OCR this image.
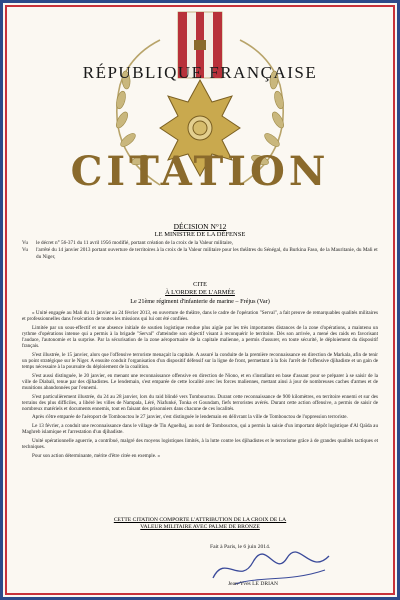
RÉPUBLIQUE FRANÇAISE
CITATION
DÉCISION N°12
LE MINISTRE DE LA DÉFENSE
Vu	le décret n° 56-371 du 11 avril 1956 modifié, portant création de la croix de la Valeur militaire,
Vu	l'arrêté du 14 janvier 2013 portant ouverture de territoires à la croix de la Valeur militaire pour les théâtres du Sénégal, du Burkina Faso, de la Mauritanie, du Mali et du Niger,
CITE
À L'ORDRE DE L'ARMÉE
Le 21ème régiment d'infanterie de marine – Fréjus (Var)

« Unité engagée au Mali du 11 janvier au 24 février 2013, en ouverture de théâtre, dans le cadre de l'opération "Serval", a fait preuve de remarquables qualités militaires et professionnelles dans l'exécution de toutes les missions qui lui ont été confiées.

Limitée par un sous-effectif et une absence initiale de soutien logistique rendue plus aigüe par les très importantes distances de la zone d'opérations, a maintenu un rythme d'opérations intense qui a permis à la brigade "Serval" d'atteindre son objectif visant à reconquérir le territoire. Dès son arrivée, a mené des raids en favorisant l'audace, l'autonomie et la surprise. Par la sécurisation de la zone aéroportuaire de la capitale malienne, a permis d'assurer, en toute sécurité, le déploiement du dispositif français.

S'est illustrée, le 15 janvier, alors que l'offensive terroriste menaçait la capitale. A assuré la conduite de la première reconnaissance en direction de Markala, afin de tenir un point stratégique sur le Niger. A ensuite conduit l'organisation d'un dispositif défensif sur la ligne de front, permettant à la fois l'arrêt de l'offensive djihadiste et un gain de temps nécessaire à la poursuite du déploiement de la coalition.

S'est aussi distinguée, le 20 janvier, en menant une reconnaissance offensive en direction de Niono, et en s'installant en base d'assaut pour se préparer à se saisir de la ville de Diabali, tenue par des djihadistes. Le lendemain, s'est emparée de cette localité avec les forces maliennes, mettant ainsi à jour de nombreuses caches d'armes et de munitions abandonnées par l'ennemi.

S'est particulièrement illustrée, du 24 au 28 janvier, lors du raid blindé vers Tombouctou. Durant cette reconnaissance de 900 kilomètres, en territoire ennemi et sur des terrains des plus difficiles, a libéré les villes de Nampala, Léré, Niafunké, Tonka et Goundam, fiefs terroristes avérés. Durant cette action offensive, a permis de saisir de nombreux matériels et documents ennemis, tout en faisant des prisonniers dans chacune de ces localités.

Après s'être emparée de l'aéroport de Tombouctou le 27 janvier, s'est distinguée le lendemain en délivrant la ville de Tombouctou de l'oppression terroriste.

Le 13 février, a conduit une reconnaissance dans le village de Tin Aguelhaj, au nord de Tombouctou, qui a permis la saisie d'un important dépôt logistique d'Al Qaïda au Maghreb islamique et l'arrestation d'un djihadiste.

Unité opérationnelle aguerrie, a contribué, malgré des moyens logistiques limités, à la lutte contre les djihadistes et le terrorisme grâce à de grandes qualités tactiques et techniques.

Pour son action déterminante, mérite d'être citée en exemple. »

CETTE CITATION COMPORTE L'ATTRIBUTION DE LA CROIX DE LA
VALEUR MILITAIRE AVEC PALME DE BRONZE
Fait à Paris, le 6 juin 2014.
Jean-Yves LE DRIAN
